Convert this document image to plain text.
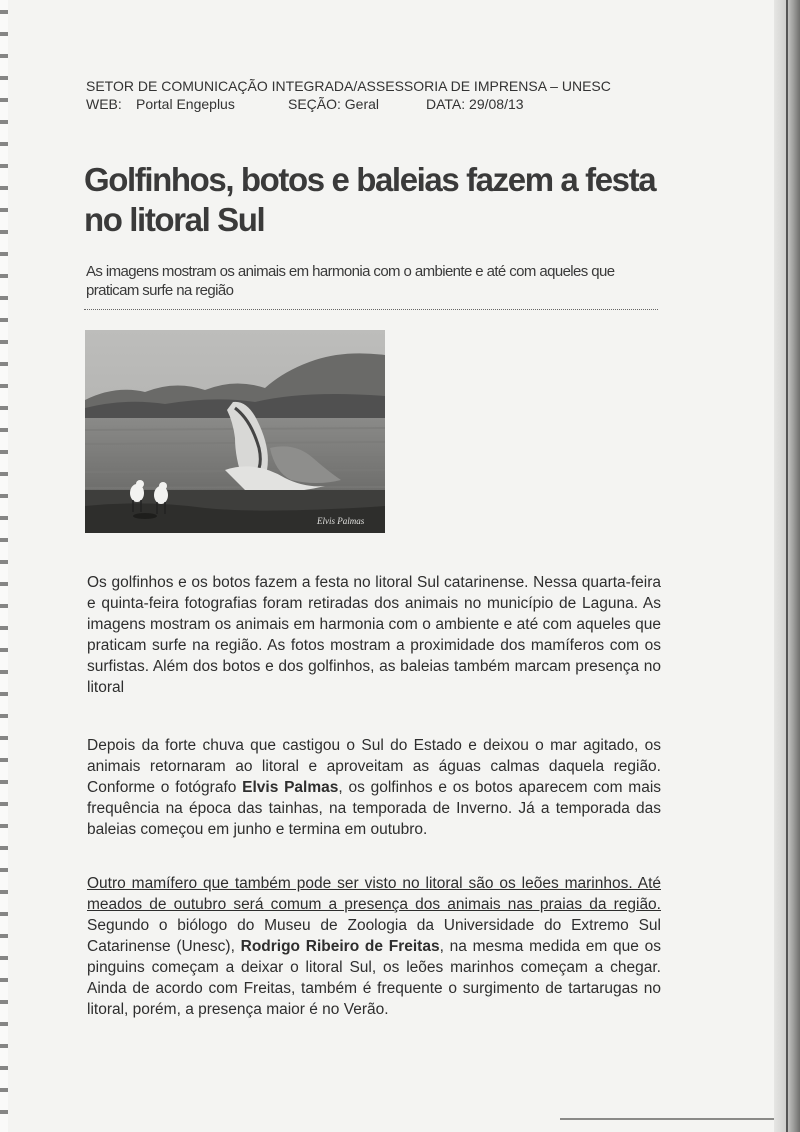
SETOR DE COMUNICAÇÃO INTEGRADA/ASSESSORIA DE IMPRENSA – UNESC
WEB:	Portal Engeplus	SEÇÃO: Geral	DATA: 29/08/13
Golfinhos, botos e baleias fazem a festa no litoral Sul

As imagens mostram os animais em harmonia com o ambiente e até com aqueles que praticam surfe na região

Elvis Palmas

Os golfinhos e os botos fazem a festa no litoral Sul catarinense. Nessa quarta-feira e quinta-feira fotografias foram retiradas dos animais no município de Laguna. As imagens mostram os animais em harmonia com o ambiente e até com aqueles que praticam surfe na região. As fotos mostram a proximidade dos mamíferos com os surfistas. Além dos botos e dos golfinhos, as baleias também marcam presença no litoral

Depois da forte chuva que castigou o Sul do Estado e deixou o mar agitado, os animais retornaram ao litoral e aproveitam as águas calmas daquela região. Conforme o fotógrafo Elvis Palmas, os golfinhos e os botos aparecem com mais frequência na época das tainhas, na temporada de Inverno. Já a temporada das baleias começou em junho e termina em outubro.

Outro mamífero que também pode ser visto no litoral são os leões marinhos. Até meados de outubro será comum a presença dos animais nas praias da região. Segundo o biólogo do Museu de Zoologia da Universidade do Extremo Sul Catarinense (Unesc), Rodrigo Ribeiro de Freitas, na mesma medida em que os pinguins começam a deixar o litoral Sul, os leões marinhos começam a chegar. Ainda de acordo com Freitas, também é frequente o surgimento de tartarugas no litoral, porém, a presença maior é no Verão.
